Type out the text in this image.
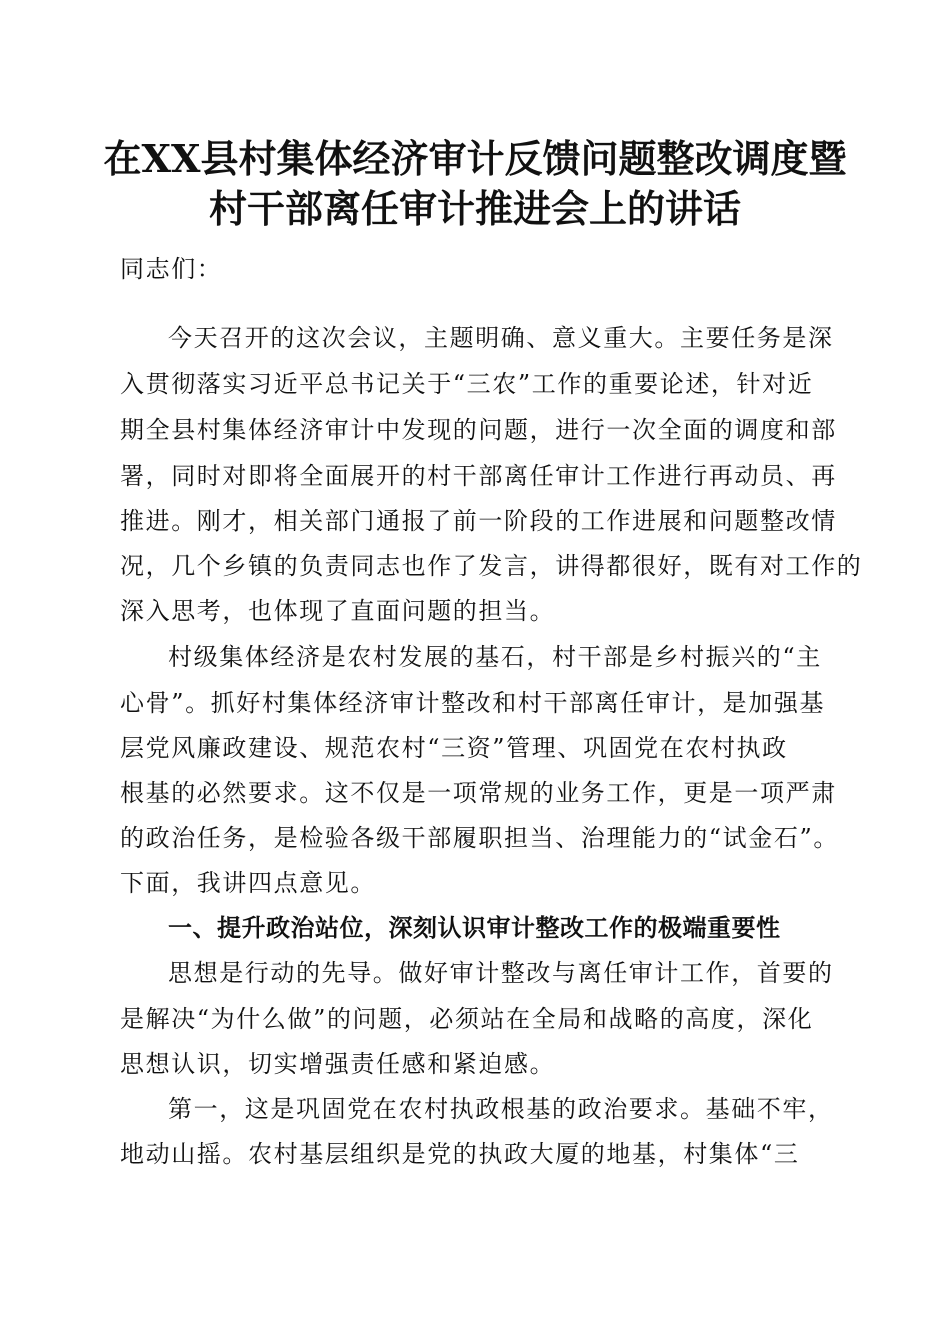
在XX县村集体经济审计反馈问题整改调度暨
村干部离任审计推进会上的讲话
同志们：
今天召开的这次会议，主题明确、意义重大。主要任务是深
入贯彻落实习近平总书记关于“三农”工作的重要论述，针对近
期全县村集体经济审计中发现的问题，进行一次全面的调度和部
署，同时对即将全面展开的村干部离任审计工作进行再动员、再
推进。刚才，相关部门通报了前一阶段的工作进展和问题整改情
况，几个乡镇的负责同志也作了发言，讲得都很好，既有对工作的
深入思考，也体现了直面问题的担当。
村级集体经济是农村发展的基石，村干部是乡村振兴的“主
心骨”。抓好村集体经济审计整改和村干部离任审计，是加强基
层党风廉政建设、规范农村“三资”管理、巩固党在农村执政
根基的必然要求。这不仅是一项常规的业务工作，更是一项严肃
的政治任务，是检验各级干部履职担当、治理能力的“试金石”。
下面，我讲四点意见。
一、提升政治站位，深刻认识审计整改工作的极端重要性
思想是行动的先导。做好审计整改与离任审计工作，首要的
是解决“为什么做”的问题，必须站在全局和战略的高度，深化
思想认识，切实增强责任感和紧迫感。
第一，这是巩固党在农村执政根基的政治要求。基础不牢，
地动山摇。农村基层组织是党的执政大厦的地基，村集体“三
